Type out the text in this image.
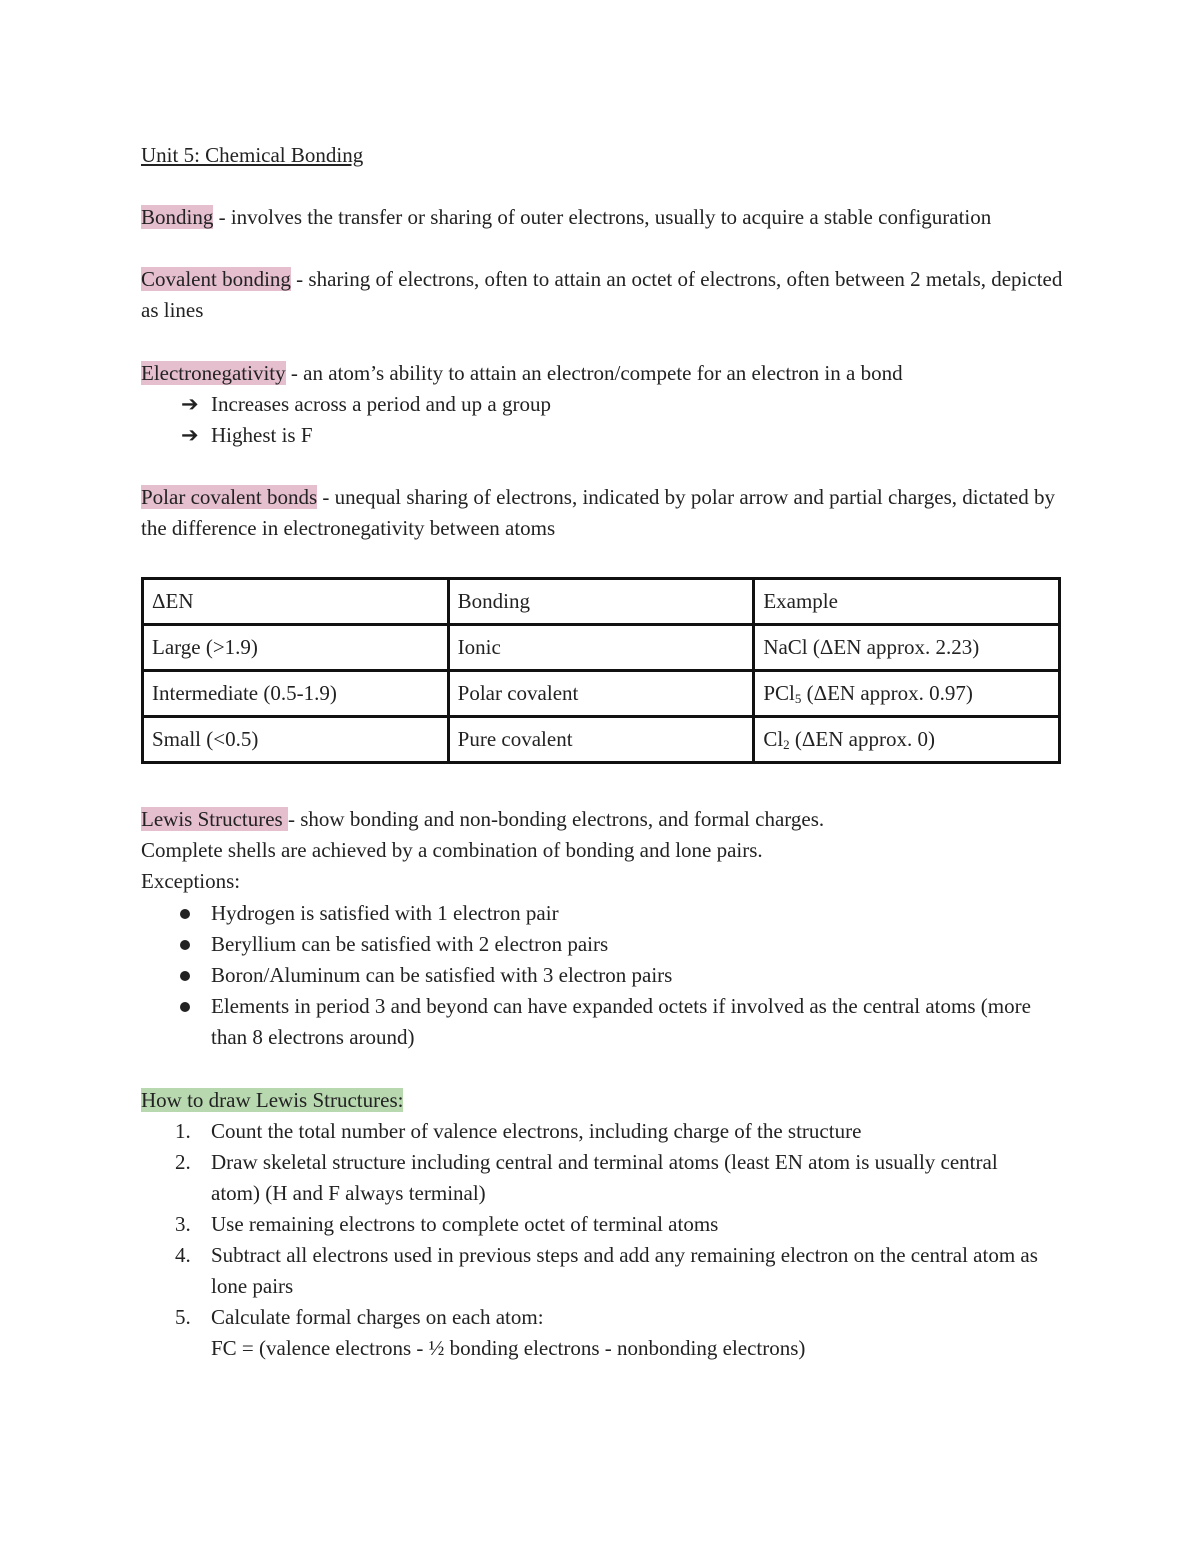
Unit 5: Chemical Bonding
Bonding - involves the transfer or sharing of outer electrons, usually to acquire a stable configuration
Covalent bonding - sharing of electrons, often to attain an octet of electrons, often between 2 metals, depicted as lines
Electronegativity - an atom’s ability to attain an electron/compete for an electron in a bond
➔ Increases across a period and up a group
➔ Highest is F
Polar covalent bonds - unequal sharing of electrons, indicated by polar arrow and partial charges, dictated by the difference in electronegativity between atoms
ΔEN	Bonding	Example
Large (>1.9)	Ionic	NaCl (ΔEN approx. 2.23)
Intermediate (0.5-1.9)	Polar covalent	PCl$_5$ (ΔEN approx. 0.97)
Small (<0.5)	Pure covalent	$Cl_2$ (ΔEN approx. 0)
Lewis Structures - show bonding and non-bonding electrons, and formal charges.
Complete shells are achieved by a combination of bonding and lone pairs.
Exceptions:
Hydrogen is satisfied with 1 electron pair
Beryllium can be satisfied with 2 electron pairs
Boron/Aluminum can be satisfied with 3 electron pairs
Elements in period 3 and beyond can have expanded octets if involved as the central atoms (more than 8 electrons around)
How to draw Lewis Structures:
1. Count the total number of valence electrons, including charge of the structure
2. Draw skeletal structure including central and terminal atoms (least EN atom is usually central atom) (H and F always terminal)
3. Use remaining electrons to complete octet of terminal atoms
4. Subtract all electrons used in previous steps and add any remaining electron on the central atom as lone pairs
5. Calculate formal charges on each atom:
FC = (valence electrons - ½ bonding electrons - nonbonding electrons)
